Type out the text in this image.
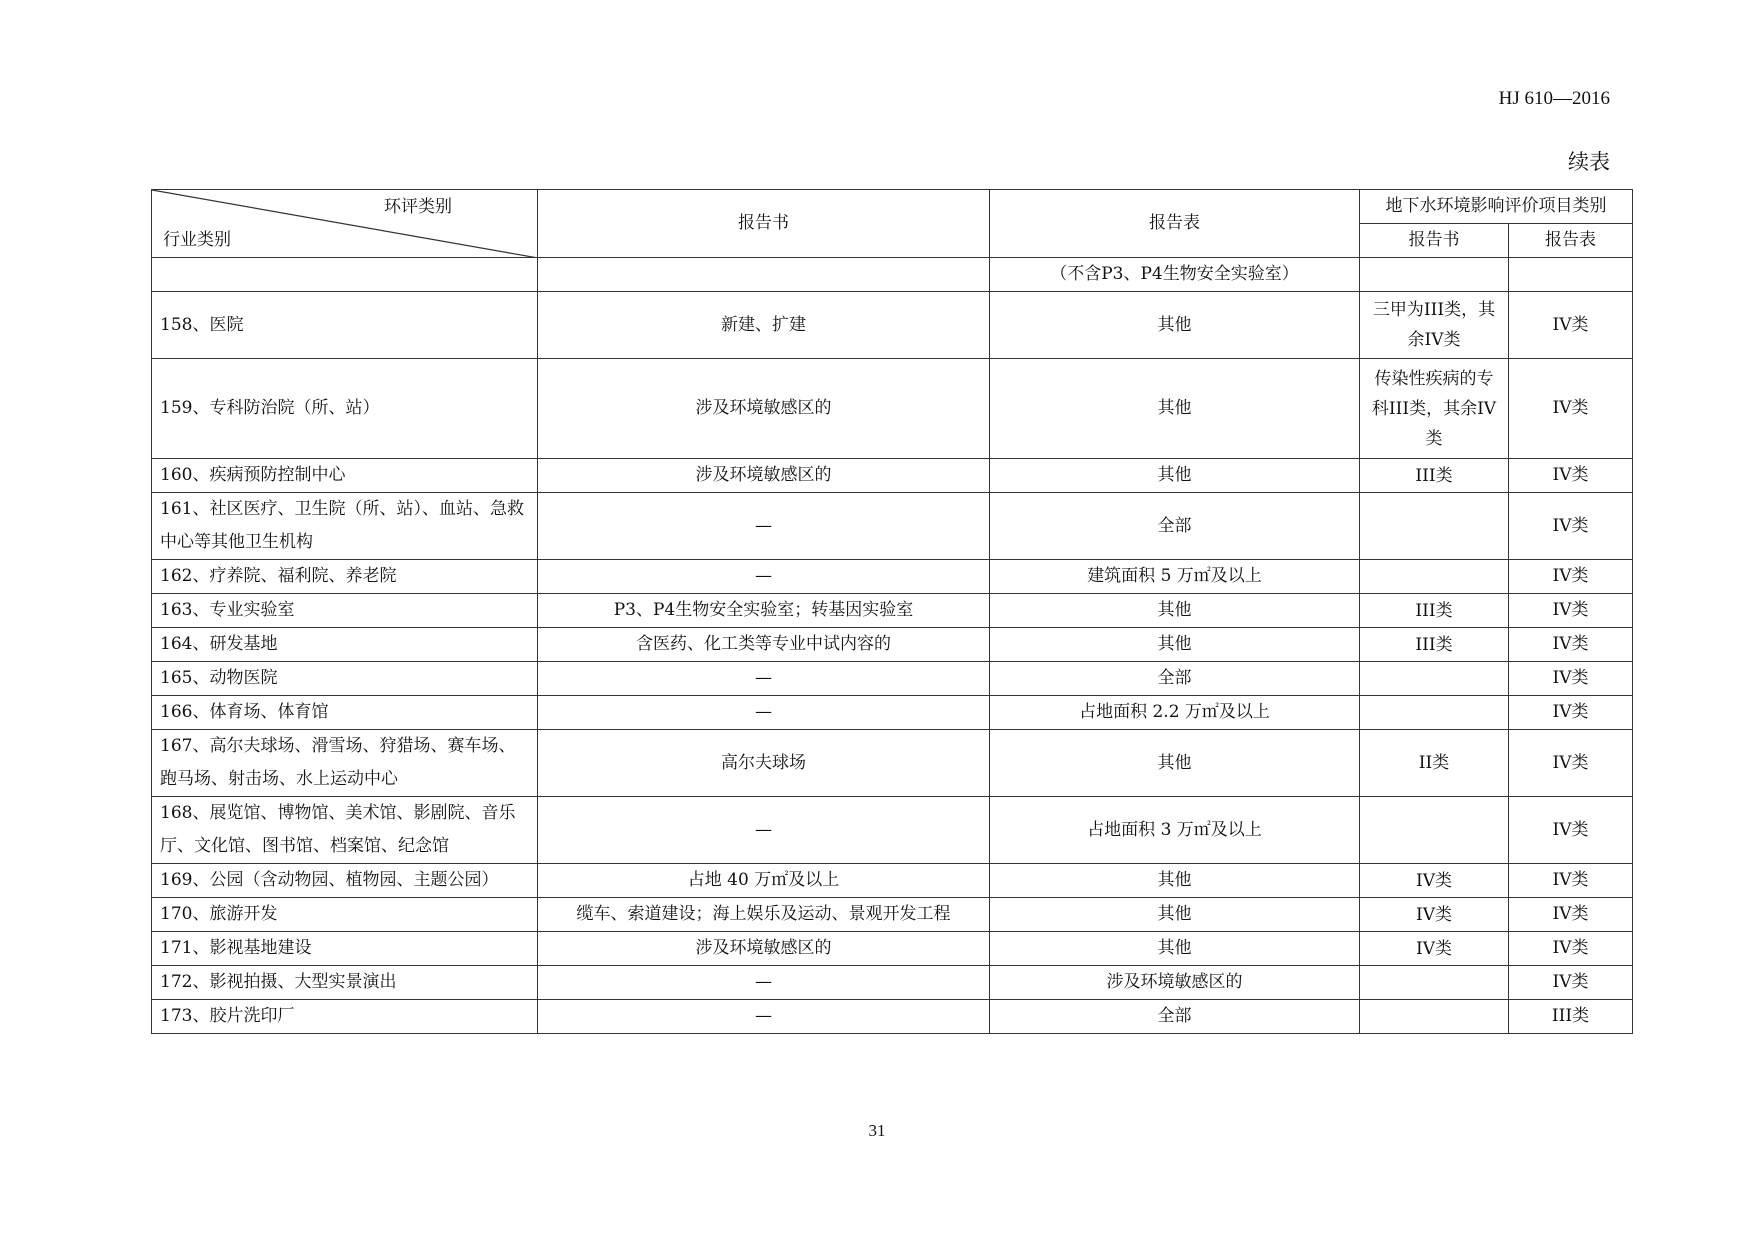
HJ 610—2016
续表
环评类别
行业类别	报告书	报告表	地下水环境影响评价项目类别	
			报告书	报告表
		（不含P3、P4生物安全实验室）		
158、医院	新建、扩建	其他	三甲为III类，其余IV类	IV类
159、专科防治院（所、站）	涉及环境敏感区的	其他	传染性疾病的专科III类，其余IV类	IV类
160、疾病预防控制中心	涉及环境敏感区的	其他	III类	IV类
161、社区医疗、卫生院（所、站）、血站、急救中心等其他卫生机构	—	全部		IV类
162、疗养院、福利院、养老院	—	建筑面积 5 万㎡及以上		IV类
163、专业实验室	P3、P4生物安全实验室；转基因实验室	其他	III类	IV类
164、研发基地	含医药、化工类等专业中试内容的	其他	III类	IV类
165、动物医院	—	全部		IV类
166、体育场、体育馆	—	占地面积 2.2 万㎡及以上		IV类
167、高尔夫球场、滑雪场、狩猎场、赛车场、跑马场、射击场、水上运动中心	高尔夫球场	其他	II类	IV类
168、展览馆、博物馆、美术馆、影剧院、音乐厅、文化馆、图书馆、档案馆、纪念馆	—	占地面积 3 万㎡及以上		IV类
169、公园（含动物园、植物园、主题公园）	占地 40 万㎡及以上	其他	IV类	IV类
170、旅游开发	缆车、索道建设；海上娱乐及运动、景观开发工程	其他	IV类	IV类
171、影视基地建设	涉及环境敏感区的	其他	IV类	IV类
172、影视拍摄、大型实景演出	—	涉及环境敏感区的		IV类
173、胶片洗印厂	—	全部		III类
31
